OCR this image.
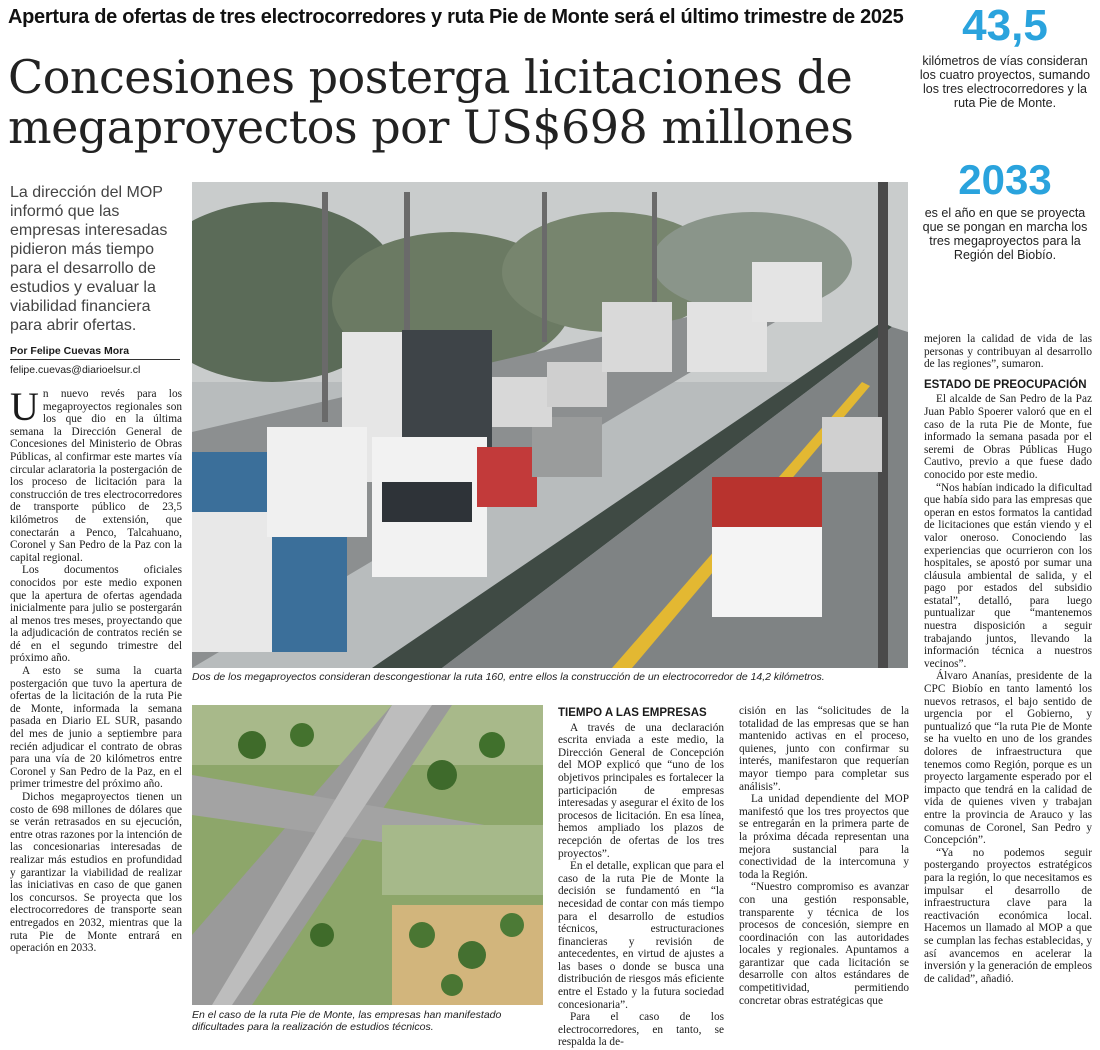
Apertura de ofertas de tres electrocorredores y ruta Pie de Monte será el último trimestre de 2025
Concesiones posterga licitaciones de
megaproyectos por US$698 millones
43,5
kilómetros de vías consideran los cuatro proyectos, sumando los tres electrocorredores y la ruta Pie de Monte.
2033
es el año en que se proyecta que se pongan en marcha los tres megaproyectos para la Región del Biobío.
La dirección del MOP informó que las empresas interesadas pidieron más tiempo para el desarrollo de estudios y evaluar la viabilidad financiera para abrir ofertas.
Por Felipe Cuevas Mora
felipe.cuevas@diarioelsur.cl
Dos de los megaproyectos consideran descongestionar la ruta 160, entre ellos la construcción de un electrocorredor de 14,2 kilómetros.
En el caso de la ruta Pie de Monte, las empresas han manifestado dificultades para la realización de estudios técnicos.

Un nuevo revés para los megaproyectos regionales son los que dio en la última semana la Dirección General de Concesiones del Ministerio de Obras Públicas, al confirmar este martes vía circular aclaratoria la postergación de los proceso de licitación para la construcción de tres electrocorredores de transporte público de 23,5 kilómetros de extensión, que conectarán a Penco, Talcahuano, Coronel y San Pedro de la Paz con la capital regional.

Los documentos oficiales conocidos por este medio exponen que la apertura de ofertas agendada inicialmente para julio se postergarán al menos tres meses, proyectando que la adjudicación de contratos recién se dé en el segundo trimestre del próximo año.

A esto se suma la cuarta postergación que tuvo la apertura de ofertas de la licitación de la ruta Pie de Monte, informada la semana pasada en Diario EL SUR, pasando del mes de junio a septiembre para recién adjudicar el contrato de obras para una vía de 20 kilómetros entre Coronel y San Pedro de la Paz, en el primer trimestre del próximo año.

Dichos megaproyectos tienen un costo de 698 millones de dólares que se verán retrasados en su ejecución, entre otras razones por la intención de las concesionarias interesadas de realizar más estudios en profundidad y garantizar la viabilidad de realizar las iniciativas en caso de que ganen los concursos. Se proyecta que los electrocorredores de transporte sean entregados en 2032, mientras que la ruta Pie de Monte entrará en operación en 2033.

TIEMPO A LAS EMPRESAS

A través de una declaración escrita enviada a este medio, la Dirección General de Concepción del MOP explicó que “uno de los objetivos principales es fortalecer la participación de empresas interesadas y asegurar el éxito de los procesos de licitación. En esa línea, hemos ampliado los plazos de recepción de ofertas de los tres proyectos”.

En el detalle, explican que para el caso de la ruta Pie de Monte la decisión se fundamentó en “la necesidad de contar con más tiempo para el desarrollo de estudios técnicos, estructuraciones financieras y revisión de antecedentes, en virtud de ajustes a las bases o donde se busca una distribución de riesgos más eficiente entre el Estado y la futura sociedad concesionaria”.

Para el caso de los electrocorredores, en tanto, se respalda la de-

cisión en las “solicitudes de la totalidad de las empresas que se han mantenido activas en el proceso, quienes, junto con confirmar su interés, manifestaron que requerían mayor tiempo para completar sus análisis”.

La unidad dependiente del MOP manifestó que los tres proyectos que se entregarán en la primera parte de la próxima década representan una mejora sustancial para la conectividad de la intercomuna y toda la Región.

“Nuestro compromiso es avanzar con una gestión responsable, transparente y técnica de los procesos de concesión, siempre en coordinación con las autoridades locales y regionales. Apuntamos a garantizar que cada licitación se desarrolle con altos estándares de competitividad, permitiendo concretar obras estratégicas que

mejoren la calidad de vida de las personas y contribuyan al desarrollo de las regiones”, sumaron.

ESTADO DE PREOCUPACIÓN

El alcalde de San Pedro de la Paz Juan Pablo Spoerer valoró que en el caso de la ruta Pie de Monte, fue informado la semana pasada por el seremi de Obras Públicas Hugo Cautivo, previo a que fuese dado conocido por este medio.

“Nos habían indicado la dificultad que había sido para las empresas que operan en estos formatos la cantidad de licitaciones que están viendo y el valor oneroso. Conociendo las experiencias que ocurrieron con los hospitales, se apostó por sumar una cláusula ambiental de salida, y el pago por estados del subsidio estatal”, detalló, para luego puntualizar que “mantenemos nuestra disposición a seguir trabajando juntos, llevando la información técnica a nuestros vecinos”.

Álvaro Ananías, presidente de la CPC Biobío en tanto lamentó los nuevos retrasos, el bajo sentido de urgencia por el Gobierno, y puntualizó que “la ruta Pie de Monte se ha vuelto en uno de los grandes dolores de infraestructura que tenemos como Región, porque es un proyecto largamente esperado por el impacto que tendrá en la calidad de vida de quienes viven y trabajan entre la provincia de Arauco y las comunas de Coronel, San Pedro y Concepción”.

“Ya no podemos seguir postergando proyectos estratégicos para la región, lo que necesitamos es impulsar el desarrollo de infraestructura clave para la reactivación económica local. Hacemos un llamado al MOP a que se cumplan las fechas establecidas, y así avancemos en acelerar la inversión y la generación de empleos de calidad”, añadió.
